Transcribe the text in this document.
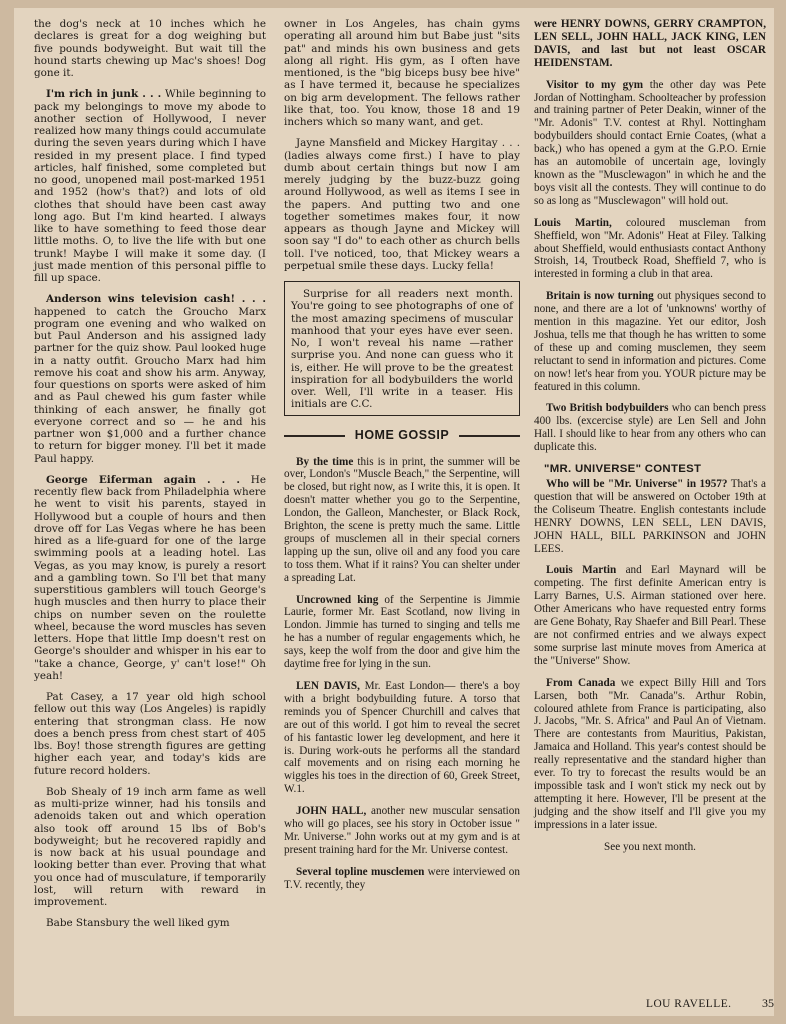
the dog's neck at 10 inches which he declares is great for a dog weighing but five pounds bodyweight. But wait till the hound starts chewing up Mac's shoes! Dog gone it.

I'm rich in junk . . . While beginning to pack my belongings to move my abode to another section of Hollywood, I never realized how many things could accumulate during the seven years during which I have resided in my present place. I find typed articles, half finished, some completed but no good, unopened mail post-marked 1951 and 1952 (how's that?) and lots of old clothes that should have been cast away long ago. But I'm kind hearted. I always like to have something to feed those dear little moths. O, to live the life with but one trunk! Maybe I will make it some day. (I just made mention of this personal piffle to fill up space.

Anderson wins television cash! . . . happened to catch the Groucho Marx program one evening and who walked on but Paul Anderson and his assigned lady partner for the quiz show. Paul looked huge in a natty outfit. Groucho Marx had him remove his coat and show his arm. Anyway, four questions on sports were asked of him and as Paul chewed his gum faster while thinking of each answer, he finally got everyone correct and so — he and his partner won $1,000 and a further chance to return for bigger money. I'll bet it made Paul happy.

George Eiferman again . . . He recently flew back from Philadelphia where he went to visit his parents, stayed in Hollywood but a couple of hours and then drove off for Las Vegas where he has been hired as a life-guard for one of the large swimming pools at a leading hotel. Las Vegas, as you may know, is purely a resort and a gambling town. So I'll bet that many superstitious gamblers will touch George's hugh muscles and then hurry to place their chips on number seven on the roulette wheel, because the word muscles has seven letters. Hope that little Imp doesn't rest on George's shoulder and whisper in his ear to "take a chance, George, y' can't lose!" Oh yeah!

Pat Casey, a 17 year old high school fellow out this way (Los Angeles) is rapidly entering that strongman class. He now does a bench press from chest start of 405 lbs. Boy! those strength figures are getting higher each year, and today's kids are future record holders.

Bob Shealy of 19 inch arm fame as well as multi-prize winner, had his tonsils and adenoids taken out and which operation also took off around 15 lbs of Bob's bodyweight; but he recovered rapidly and is now back at his usual poundage and looking better than ever. Proving that what you once had of musculature, if temporarily lost, will return with reward in improvement.

Babe Stansbury the well liked gym

owner in Los Angeles, has chain gyms operating all around him but Babe just "sits pat" and minds his own business and gets along all right. His gym, as I often have mentioned, is the "big biceps busy bee hive" as I have termed it, because he specializes on big arm development. The fellows rather like that, too. You know, those 18 and 19 inchers which so many want, and get.

Jayne Mansfield and Mickey Hargitay . . . (ladies always come first.) I have to play dumb about certain things but now I am merely judging by the buzz-buzz going around Hollywood, as well as items I see in the papers. And putting two and one together sometimes makes four, it now appears as though Jayne and Mickey will soon say "I do" to each other as church bells toll. I've noticed, too, that Mickey wears a perpetual smile these days. Lucky fella!

Surprise for all readers next month. You're going to see photographs of one of the most amazing specimens of muscular manhood that your eyes have ever seen. No, I won't reveal his name —rather surprise you. And none can guess who it is, either. He will prove to be the greatest inspiration for all bodybuilders the world over. Well, I'll write in a teaser. His initials are C.C.

HOME GOSSIP

By the time this is in print, the summer will be over, London's "Muscle Beach," the Serpentine, will be closed, but right now, as I write this, it is open. It doesn't matter whether you go to the Serpentine, London, the Galleon, Manchester, or Black Rock, Brighton, the scene is pretty much the same. Little groups of musclemen all in their special corners lapping up the sun, olive oil and any food you care to toss them. What if it rains? You can shelter under a spreading Lat.

Uncrowned king of the Serpentine is Jimmie Laurie, former Mr. East Scotland, now living in London. Jimmie has turned to singing and tells me he has a number of regular engagements which, he says, keep the wolf from the door and give him the daytime free for lying in the sun.

LEN DAVIS, Mr. East London— there's a boy with a bright bodybuilding future. A torso that reminds you of Spencer Churchill and calves that are out of this world. I got him to reveal the secret of his fantastic lower leg development, and here it is. During work-outs he performs all the standard calf movements and on rising each morning he wiggles his toes in the direction of 60, Greek Street, W.1.

JOHN HALL, another new muscular sensation who will go places, see his story in October issue " Mr. Universe." John works out at my gym and is at present training hard for the Mr. Universe contest.

Several topline musclemen were interviewed on T.V. recently, they

were HENRY DOWNS, GERRY CRAMPTON, LEN SELL, JOHN HALL, JACK KING, LEN DAVIS, and last but not least OSCAR HEIDENSTAM.

Visitor to my gym the other day was Pete Jordan of Nottingham. Schoolteacher by profession and training partner of Peter Deakin, winner of the "Mr. Adonis" T.V. contest at Rhyl. Nottingham bodybuilders should contact Ernie Coates, (what a back,) who has opened a gym at the G.P.O. Ernie has an automobile of uncertain age, lovingly known as the "Musclewagon" in which he and the boys visit all the contests. They will continue to do so as long as "Musclewagon" will hold out.

Louis Martin, coloured muscleman from Sheffield, won "Mr. Adonis" Heat at Filey. Talking about Sheffield, would enthusiasts contact Anthony Stroish, 14, Troutbeck Road, Sheffield 7, who is interested in forming a club in that area.

Britain is now turning out physiques second to none, and there are a lot of 'unknowns' worthy of mention in this magazine. Yet our editor, Josh Joshua, tells me that though he has written to some of these up and coming musclemen, they seem reluctant to send in information and pictures. Come on now! let's hear from you. YOUR picture may be featured in this column.

Two British bodybuilders who can bench press 400 lbs. (excercise style) are Len Sell and John Hall. I should like to hear from any others who can duplicate this.

"MR. UNIVERSE" CONTEST

Who will be "Mr. Universe" in 1957? That's a question that will be answered on October 19th at the Coliseum Theatre. English contestants include HENRY DOWNS, LEN SELL, LEN DAVIS, JOHN HALL, BILL PARKINSON and JOHN LEES.

Louis Martin and Earl Maynard will be competing. The first definite American entry is Larry Barnes, U.S. Airman stationed over here. Other Americans who have requested entry forms are Gene Bohaty, Ray Shaefer and Bill Pearl. These are not confirmed entries and we always expect some surprise last minute moves from America at the "Universe" Show.

From Canada we expect Billy Hill and Tors Larsen, both "Mr. Canada"s. Arthur Robin, coloured athlete from France is participating, also J. Jacobs, "Mr. S. Africa" and Paul An of Vietnam. There are contestants from Mauritius, Pakistan, Jamaica and Holland. This year's contest should be really representative and the standard higher than ever. To try to forecast the results would be an impossible task and I won't stick my neck out by attempting it here. However, I'll be present at the judging and the show itself and I'll give you my impressions in a later issue.

See you next month.

LOU RAVELLE.	35
